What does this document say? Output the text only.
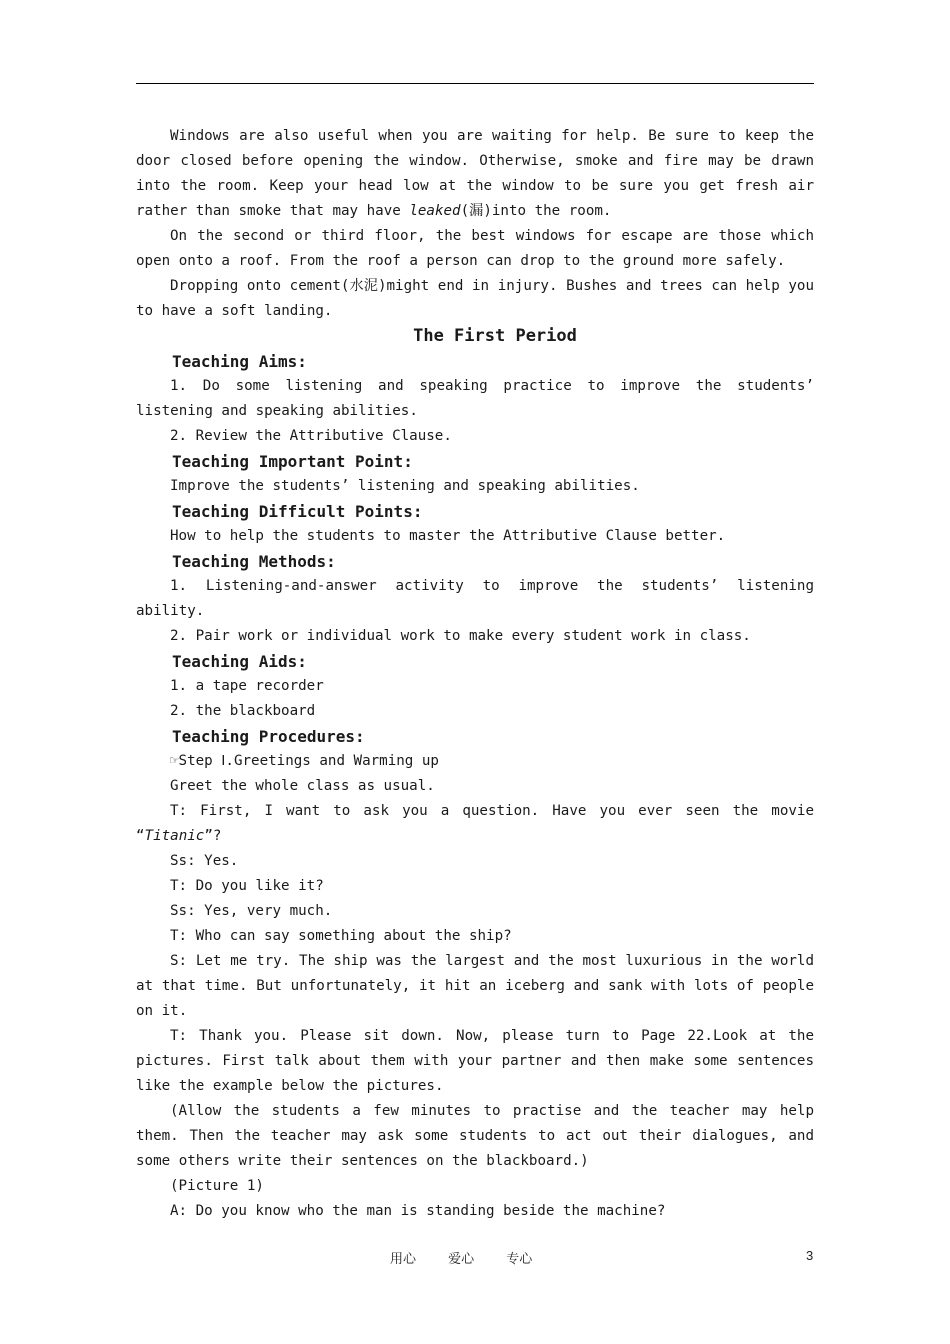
Windows are also useful when you are waiting for help. Be sure to keep the door closed before opening the window. Otherwise, smoke and fire may be drawn into the room. Keep your head low at the window to be sure you get fresh air rather than smoke that may have leaked(漏)into the room.

On the second or third floor, the best windows for escape are those which open onto a roof. From the roof a person can drop to the ground more safely.

Dropping onto cement(水泥)might end in injury. Bushes and trees can help you to have a soft landing.

The First Period

Teaching Aims:

1. Do some listening and speaking practice to improve the students’ listening and speaking abilities.

2. Review the Attributive Clause.

Teaching Important Point:

Improve the students’ listening and speaking abilities.

Teaching Difficult Points:

How to help the students to master the Attributive Clause better.

Teaching Methods:

1. Listening-and-answer activity to improve the students’ listening ability.

2. Pair work or individual work to make every student work in class.

Teaching Aids:

1. a tape recorder

2. the blackboard

Teaching Procedures:

☞Step Ⅰ.Greetings and Warming up

Greet the whole class as usual.

T: First, I want to ask you a question. Have you ever seen the movie “Titanic”?

Ss: Yes.

T: Do you like it?

Ss: Yes, very much.

T: Who can say something about the ship?

S: Let me try. The ship was the largest and the most luxurious in the world at that time. But unfortunately, it hit an iceberg and sank with lots of people on it.

T: Thank you. Please sit down. Now, please turn to Page 22.Look at the pictures. First talk about them with your partner and then make some sentences like the example below the pictures.

(Allow the students a few minutes to practise and the teacher may help them. Then the teacher may ask some students to act out their dialogues, and some others write their sentences on the blackboard.)

(Picture 1)

A: Do you know who the man is standing beside the machine?

用心 爱心 专心	3
